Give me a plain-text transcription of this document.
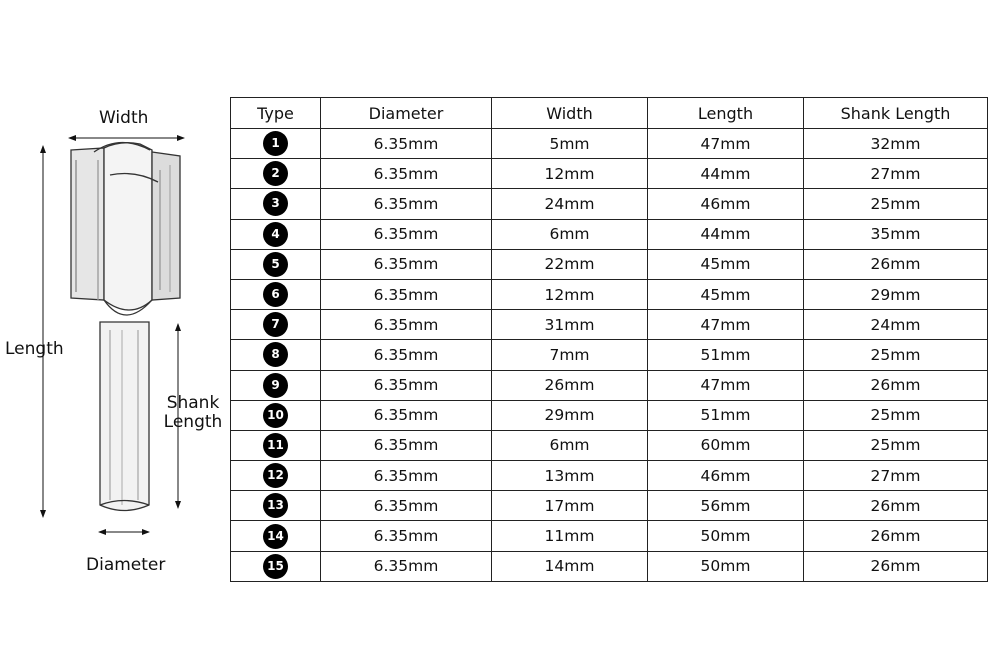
Width
Length
Shank
Length
Diameter
Type	Diameter	Width	Length	Shank Length
1	6.35mm	5mm	47mm	32mm
2	6.35mm	12mm	44mm	27mm
3	6.35mm	24mm	46mm	25mm
4	6.35mm	6mm	44mm	35mm
5	6.35mm	22mm	45mm	26mm
6	6.35mm	12mm	45mm	29mm
7	6.35mm	31mm	47mm	24mm
8	6.35mm	7mm	51mm	25mm
9	6.35mm	26mm	47mm	26mm
10	6.35mm	29mm	51mm	25mm
11	6.35mm	6mm	60mm	25mm
12	6.35mm	13mm	46mm	27mm
13	6.35mm	17mm	56mm	26mm
14	6.35mm	11mm	50mm	26mm
15	6.35mm	14mm	50mm	26mm
